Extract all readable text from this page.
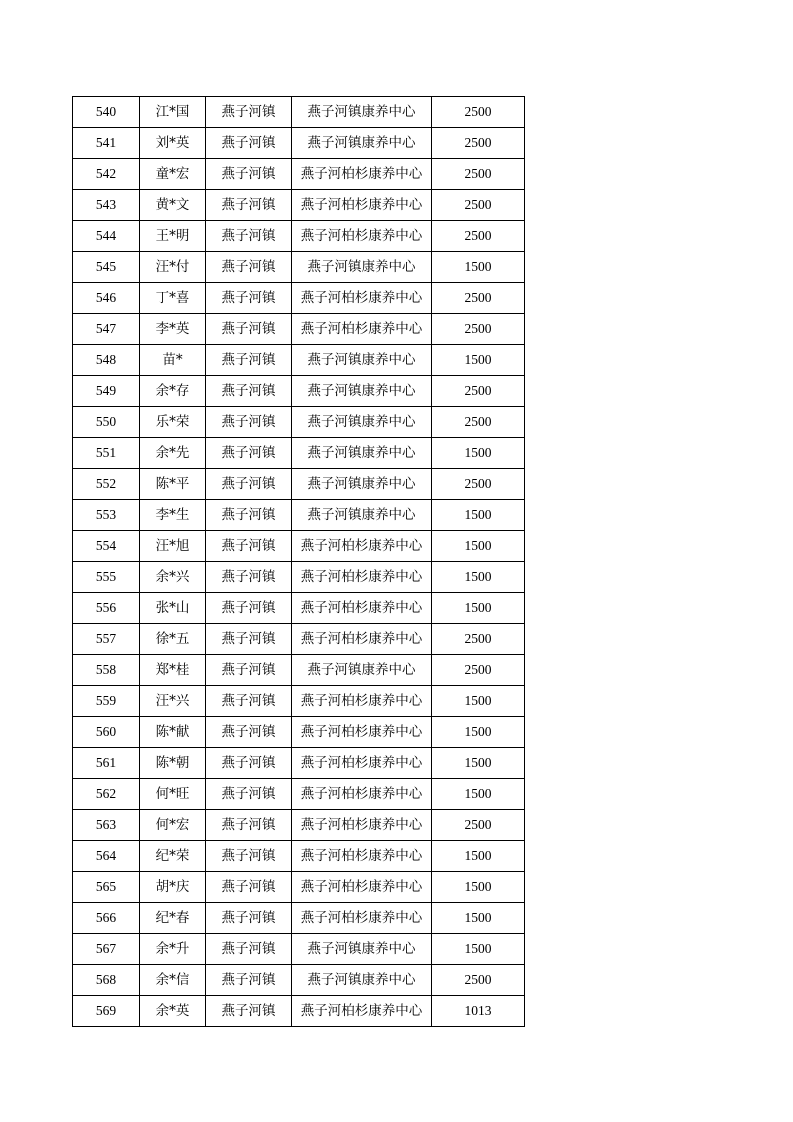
540	江*国	燕子河镇	燕子河镇康养中心	2500
541	刘*英	燕子河镇	燕子河镇康养中心	2500
542	童*宏	燕子河镇	燕子河柏杉康养中心	2500
543	黄*文	燕子河镇	燕子河柏杉康养中心	2500
544	王*明	燕子河镇	燕子河柏杉康养中心	2500
545	汪*付	燕子河镇	燕子河镇康养中心	1500
546	丁*喜	燕子河镇	燕子河柏杉康养中心	2500
547	李*英	燕子河镇	燕子河柏杉康养中心	2500
548	苗*	燕子河镇	燕子河镇康养中心	1500
549	余*存	燕子河镇	燕子河镇康养中心	2500
550	乐*荣	燕子河镇	燕子河镇康养中心	2500
551	余*先	燕子河镇	燕子河镇康养中心	1500
552	陈*平	燕子河镇	燕子河镇康养中心	2500
553	李*生	燕子河镇	燕子河镇康养中心	1500
554	汪*旭	燕子河镇	燕子河柏杉康养中心	1500
555	余*兴	燕子河镇	燕子河柏杉康养中心	1500
556	张*山	燕子河镇	燕子河柏杉康养中心	1500
557	徐*五	燕子河镇	燕子河柏杉康养中心	2500
558	郑*桂	燕子河镇	燕子河镇康养中心	2500
559	汪*兴	燕子河镇	燕子河柏杉康养中心	1500
560	陈*献	燕子河镇	燕子河柏杉康养中心	1500
561	陈*朝	燕子河镇	燕子河柏杉康养中心	1500
562	何*旺	燕子河镇	燕子河柏杉康养中心	1500
563	何*宏	燕子河镇	燕子河柏杉康养中心	2500
564	纪*荣	燕子河镇	燕子河柏杉康养中心	1500
565	胡*庆	燕子河镇	燕子河柏杉康养中心	1500
566	纪*春	燕子河镇	燕子河柏杉康养中心	1500
567	余*升	燕子河镇	燕子河镇康养中心	1500
568	余*信	燕子河镇	燕子河镇康养中心	2500
569	余*英	燕子河镇	燕子河柏杉康养中心	1013
